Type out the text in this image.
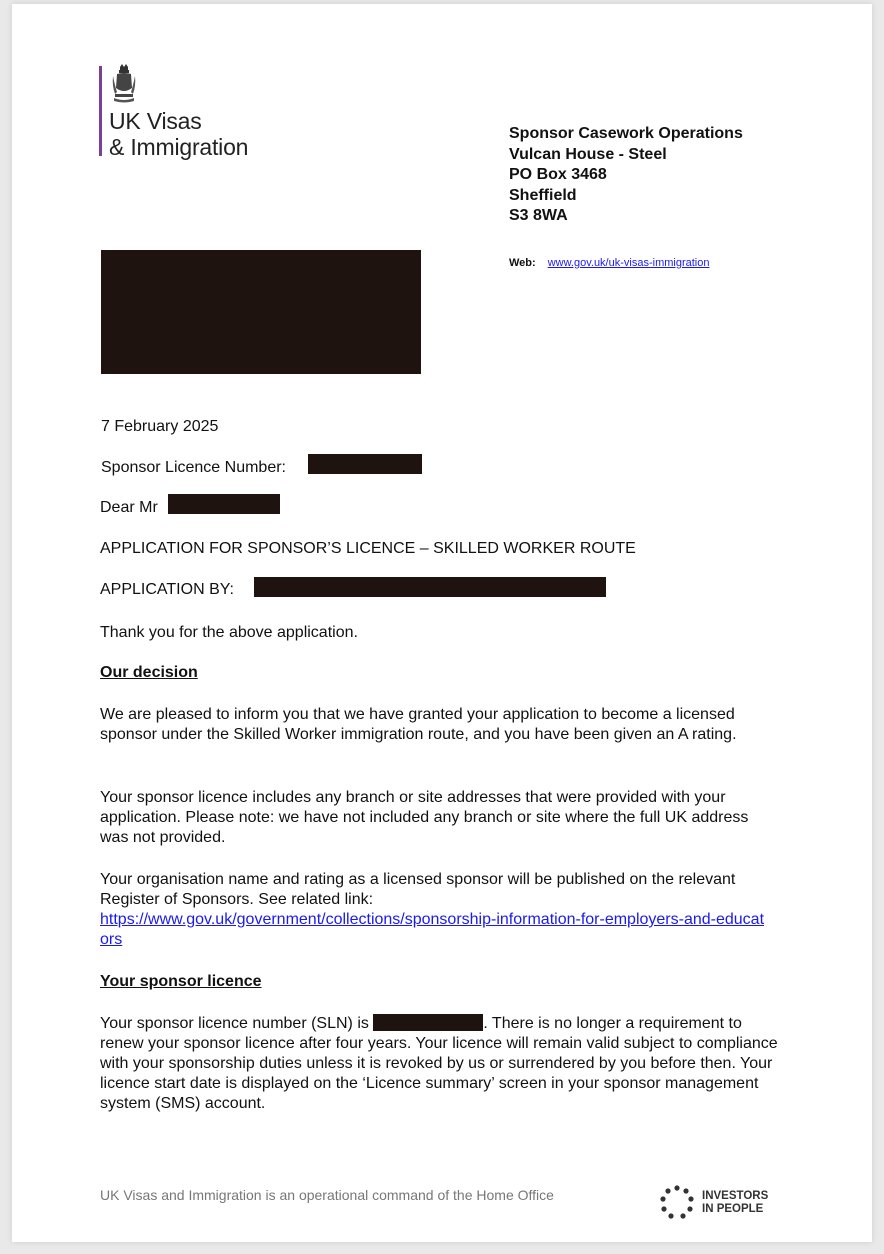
UK Visas
& Immigration
Sponsor Casework Operations
Vulcan House - Steel
PO Box 3468
Sheffield
S3 8WA
Web: www.gov.uk/uk-visas-immigration
7 February 2025
Sponsor Licence Number:
Dear Mr
APPLICATION FOR SPONSOR’S LICENCE – SKILLED WORKER ROUTE
APPLICATION BY:
Thank you for the above application.
Our decision
We are pleased to inform you that we have granted your application to become a licensed sponsor under the Skilled Worker immigration route, and you have been given an A rating.
Your sponsor licence includes any branch or site addresses that were provided with your application. Please note: we have not included any branch or site where the full UK address was not provided.
Your organisation name and rating as a licensed sponsor will be published on the relevant Register of Sponsors. See related link:
https://www.gov.uk/government/collections/sponsorship-information-for-employers-and-educators
Your sponsor licence
Your sponsor licence number (SLN) is	. There is no longer a requirement to renew your sponsor licence after four years. Your licence will remain valid subject to compliance with your sponsorship duties unless it is revoked by us or surrendered by you before then. Your licence start date is displayed on the ‘Licence summary’ screen in your sponsor management system (SMS) account.
UK Visas and Immigration is an operational command of the Home Office	INVESTORS
IN PEOPLE
